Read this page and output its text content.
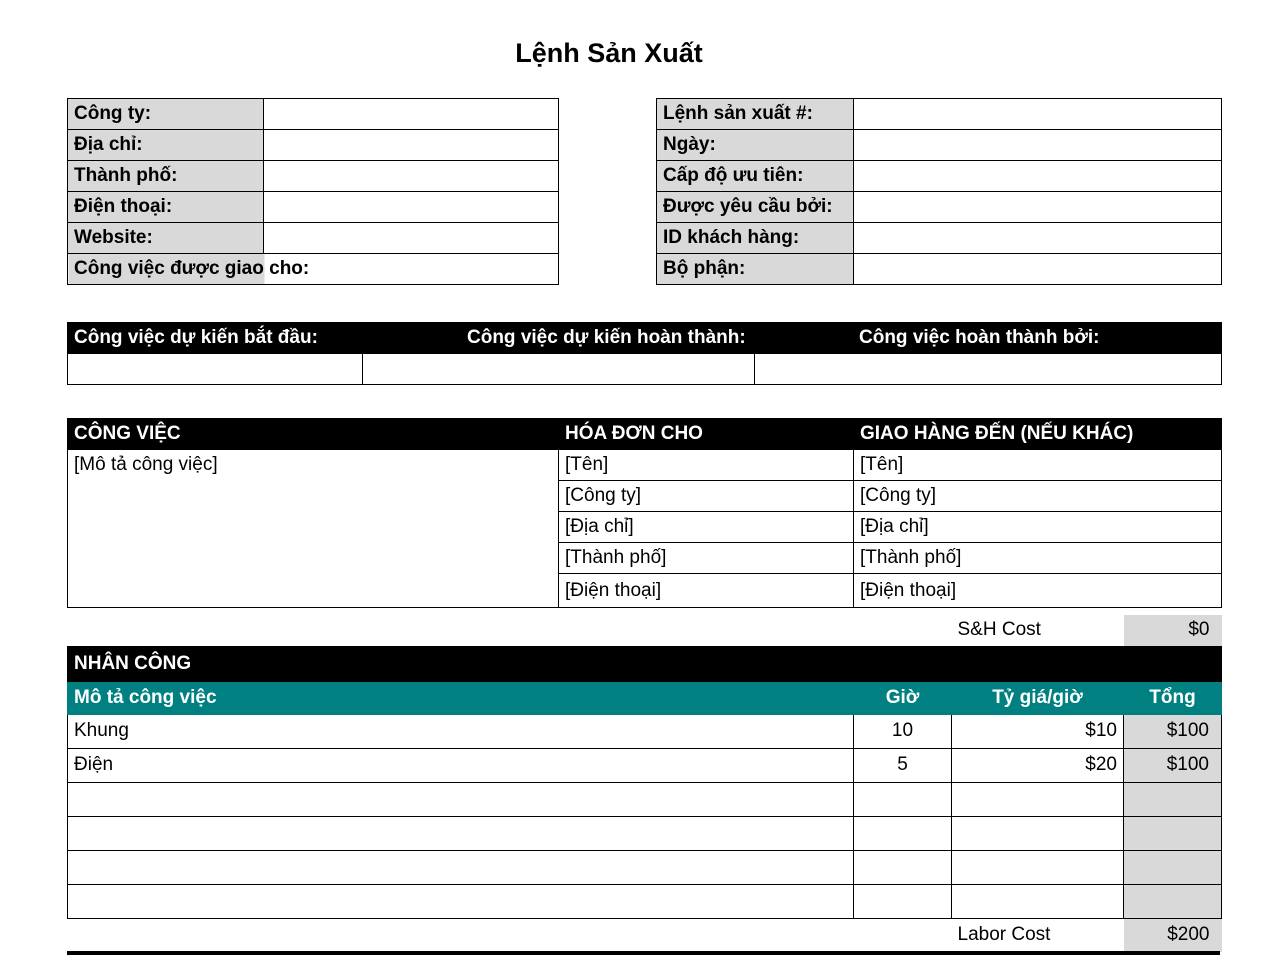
Lệnh Sản Xuất
Công ty:	
Địa chỉ:	
Thành phố:	
Điện thoại:	
Website:	
Công việc được giao cho:	
Lệnh sản xuất #:	
Ngày:	
Cấp độ ưu tiên:	
Được yêu cầu bởi:	
ID khách hàng:	
Bộ phận:	
Công việc dự kiến bắt đầu:	Công việc dự kiến hoàn thành:	Công việc hoàn thành bởi:

CÔNG VIỆC	HÓA ĐƠN CHO	GIAO HÀNG ĐẾN (NẾU KHÁC)
[Mô tả công việc]	[Tên]	[Tên]
	[Công ty]	[Công ty]
	[Địa chỉ]	[Địa chỉ]
	[Thành phố]	[Thành phố]
	[Điện thoại]	[Điện thoại]
		S&H Cost	$0
NHÂN CÔNG			
Mô tả công việc	Giờ	Tỷ giá/giờ	Tổng
Khung	10	$10	$100
Điện	5	$20	$100

		Labor Cost	$200
